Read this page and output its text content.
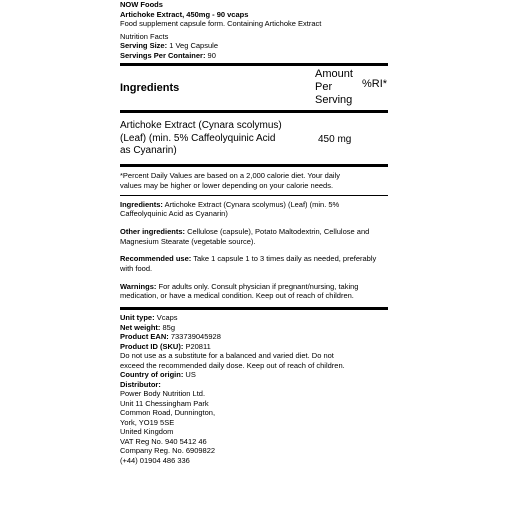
NOW Foods

Artichoke Extract, 450mg - 90 vcaps

Food supplement capsule form. Containing Artichoke Extract

Nutrition Facts

Serving Size: 1 Veg Capsule

Servings Per Container: 90

Ingredients
Amount
Per
Serving
%RI*
Artichoke Extract (Cynara scolymus)
(Leaf) (min. 5% Caffeolyquinic Acid
as Cyanarin)
450 mg
*Percent Daily Values are based on a 2,000 calorie diet. Your daily
values may be higher or lower depending on your calorie needs.

Ingredients: Artichoke Extract (Cynara scolymus) (Leaf) (min. 5% Caffeolyquinic Acid as Cyanarin)

Other ingredients: Cellulose (capsule), Potato Maltodextrin, Cellulose and Magnesium Stearate (vegetable source).

Recommended use: Take 1 capsule 1 to 3 times daily as needed, preferably with food.

Warnings: For adults only. Consult physician if pregnant/nursing, taking medication, or have a medical condition. Keep out of reach of children.

Unit type: Vcaps

Net weight: 85g

Product EAN: 733739045928

Product ID (SKU): P20811

Do not use as a substitute for a balanced and varied diet. Do not

exceed the recommended daily dose. Keep out of reach of children.

Country of origin: US

Distributor:

Power Body Nutrition Ltd.

Unit 11 Chessingham Park

Common Road, Dunnington,

York, YO19 5SE

United Kingdom

VAT Reg No. 940 5412 46

Company Reg. No. 6909822

(+44) 01904 486 336
